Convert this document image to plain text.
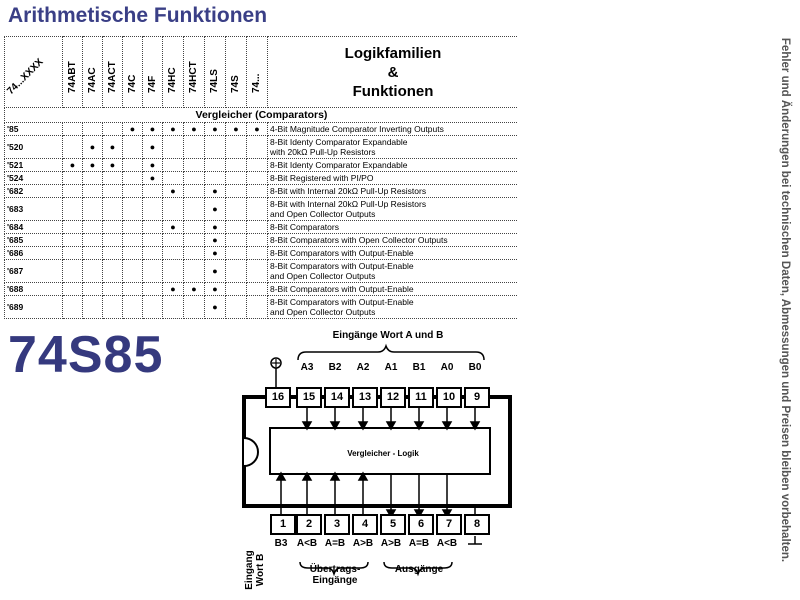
Arithmetische Funktionen
Fehler und Änderungen bei technischen Daten, Abmessungen und Preisen bleiben vorbehalten.
74...XXXX	74ABT	74AC	74ACT	74C	74F	74HC	74HCT	74LS	74S	74...	Logikfamilien
&
Funktionen

Vergleicher (Comparators)											
'85				●	●	●	●	●	●	●	4-Bit Magnitude Comparator Inverting Outputs

'520		●	●		●						8-Bit Identy Comparator Expandable
with 20kΩ Pull-Up Resistors

'521	●	●	●		●						8-Bit Identy Comparator Expandable

'524					●						8-Bit Registered with PI/PO

'682						●		●			8-Bit with Internal 20kΩ Pull-Up Resistors

'683								●			8-Bit with Internal 20kΩ Pull-Up Resistors
and Open Collector Outputs

'684						●		●			8-Bit Comparators

'685								●			8-Bit Comparators with Open Collector Outputs

'686								●			8-Bit Comparators with Output-Enable

'687								●			8-Bit Comparators with Output-Enable
and Open Collector Outputs

'688						●	●	●			8-Bit Comparators with Output-Enable

'689								●			8-Bit Comparators with Output-Enable
and Open Collector Outputs
74S85	Eingänge Wort A und B
16	15	14	13	12	11	10	9
A3	B2	A2	A1	B1	A0	B0
1	2	3	4	5	6	7	8
B3 A<B A=B A>B A>B A=B A<B
Vergleicher - Logik
Eingang Wort B	Übertrags-
Eingänge
Ausgänge
